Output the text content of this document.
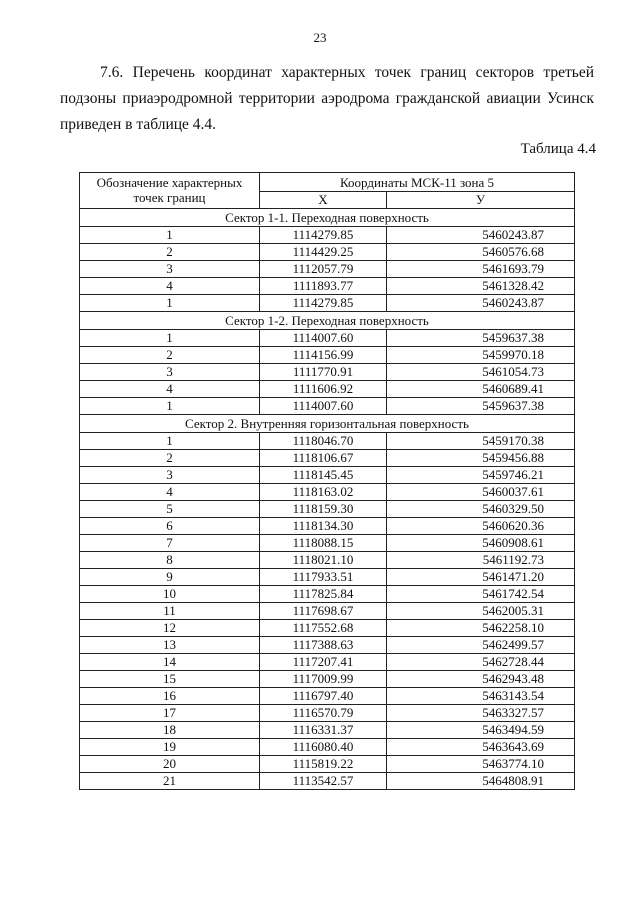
23

7.6. Перечень координат характерных точек границ секторов третьей подзоны приаэродромной территории аэродрома гражданской авиации Усинск приведен в таблице 4.4.

Таблица 4.4
Обозначение характерных точек границ	Координаты МСК-11 зона 5	
	X	У
Сектор 1-1. Переходная поверхность		
1	1114279.85	5460243.87
2	1114429.25	5460576.68
3	1112057.79	5461693.79
4	1111893.77	5461328.42
1	1114279.85	5460243.87
Сектор 1-2. Переходная поверхность		
1	1114007.60	5459637.38
2	1114156.99	5459970.18
3	1111770.91	5461054.73
4	1111606.92	5460689.41
1	1114007.60	5459637.38
Сектор 2. Внутренняя горизонтальная поверхность		
1	1118046.70	5459170.38
2	1118106.67	5459456.88
3	1118145.45	5459746.21
4	1118163.02	5460037.61
5	1118159.30	5460329.50
6	1118134.30	5460620.36
7	1118088.15	5460908.61
8	1118021.10	5461192.73
9	1117933.51	5461471.20
10	1117825.84	5461742.54
11	1117698.67	5462005.31
12	1117552.68	5462258.10
13	1117388.63	5462499.57
14	1117207.41	5462728.44
15	1117009.99	5462943.48
16	1116797.40	5463143.54
17	1116570.79	5463327.57
18	1116331.37	5463494.59
19	1116080.40	5463643.69
20	1115819.22	5463774.10
21	1113542.57	5464808.91
